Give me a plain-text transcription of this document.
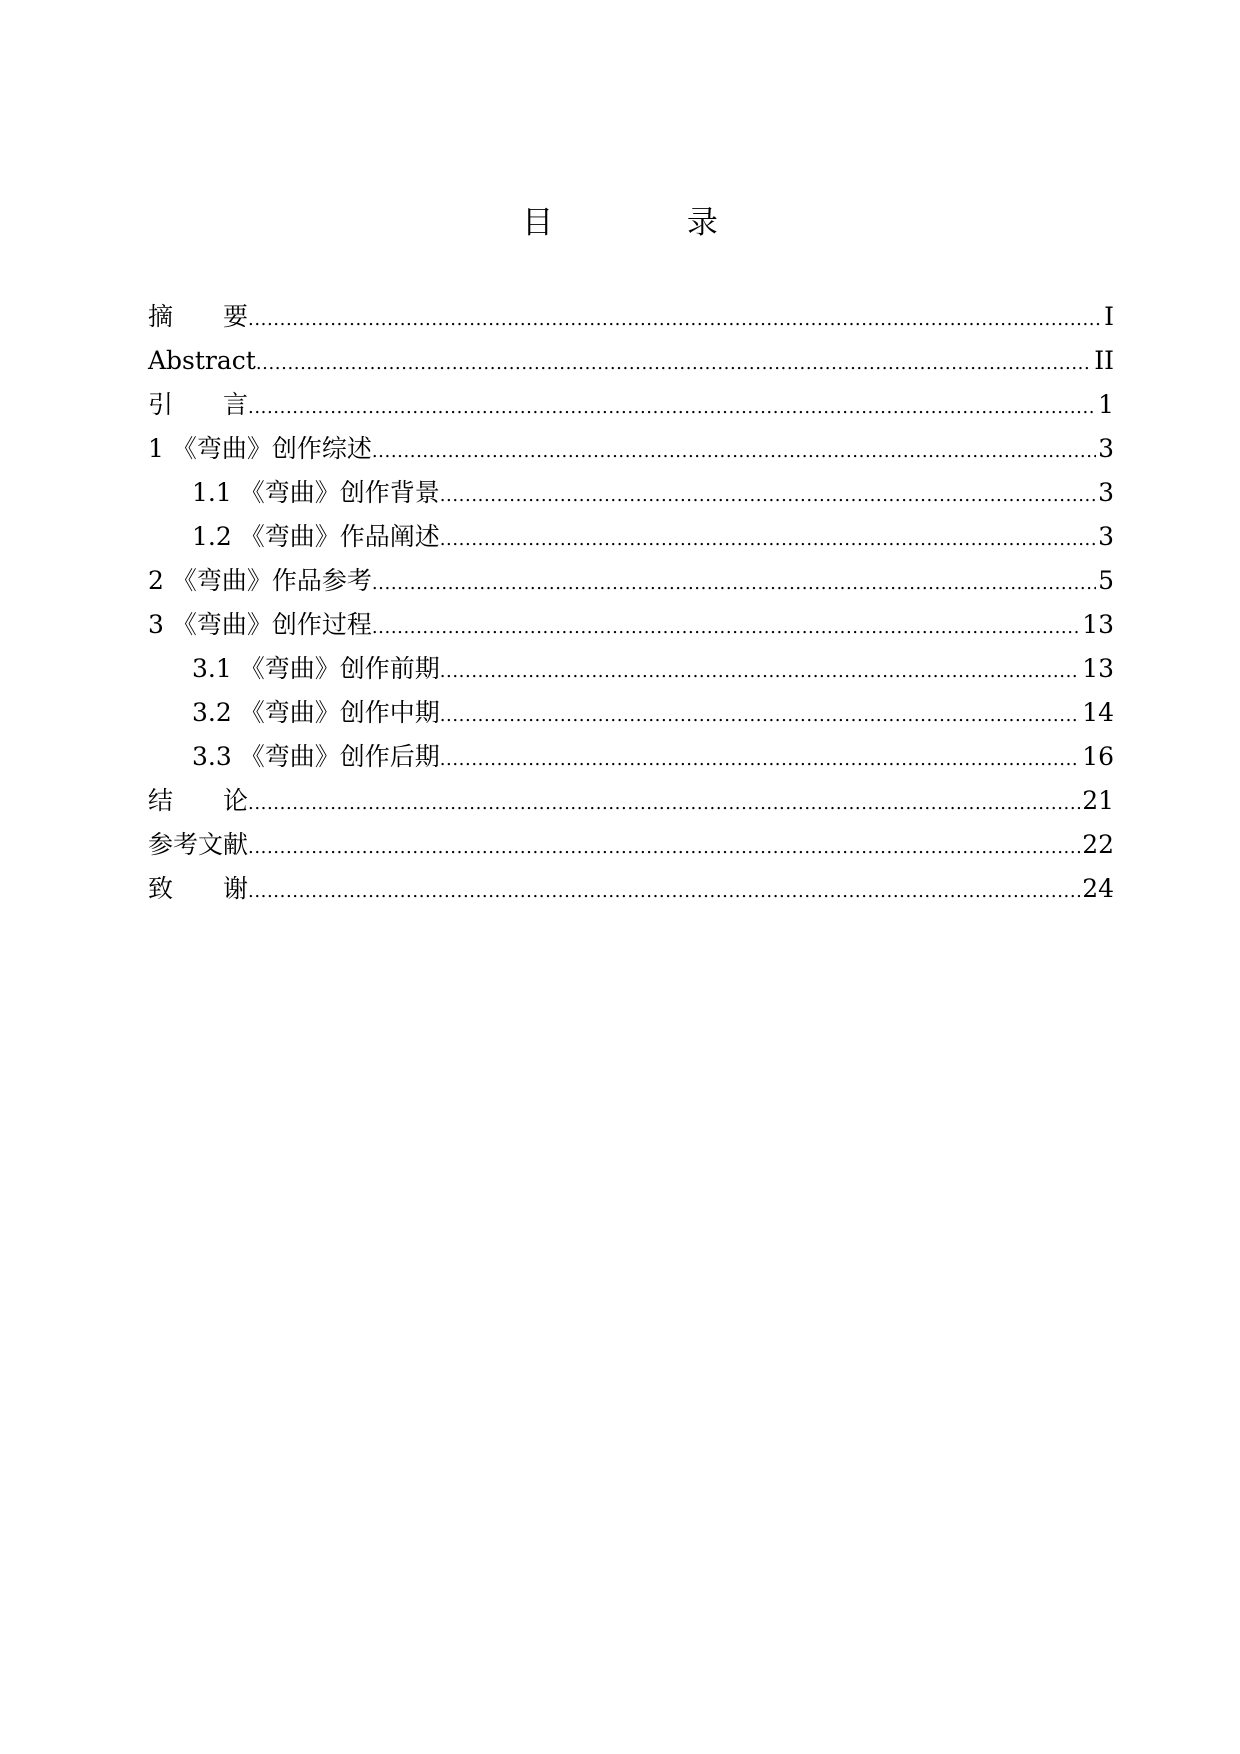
目 录
摘　　要 .....	I
Abstract .....	II
引　　言 .....	1
1 《弯曲》创作综述 .....	3
1.1 《弯曲》创作背景 .....	3
1.2 《弯曲》作品阐述 .....	3
2 《弯曲》作品参考 .....	5
3 《弯曲》创作过程 .....	13
3.1 《弯曲》创作前期 .....	13
3.2 《弯曲》创作中期 .....	14
3.3 《弯曲》创作后期 .....	16
结　　论 .....	21
参考文献 .....	22
致　　谢 .....	24
